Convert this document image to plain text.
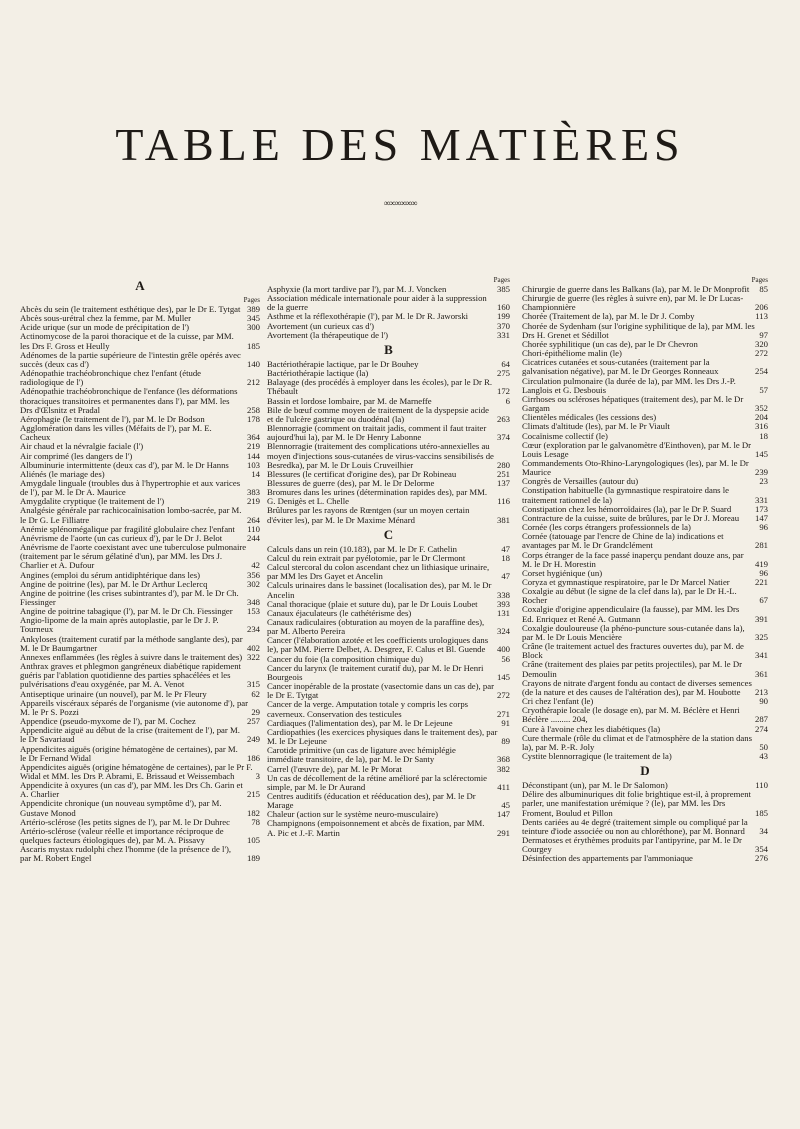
TABLE DES MATIÈRES
∞∞∞∞∞∞
A
Pages
Abcès du sein (le traitement esthétique des), par le Dr E. Tytgat 389
Abcès sous-urétral chez la femme, par M. Muller	345
Acide urique (sur un mode de précipitation de l')	300
Actinomycose de la paroi thoracique et de la cuisse, par MM. les Drs F. Gross et Heully	185
Adénomes de la partie supérieure de l'intestin grêle opérés avec succès (deux cas d')	140
Adénopathie trachéobronchique chez l'enfant (étude radiologique de l')	212
Adénopathie trachéobronchique de l'enfance (les déformations thoraciques transitoires et permanentes dans l'), par MM. les Drs d'Œlsnitz et Pradal	258
Aérophagie (le traitement de l'), par M. le Dr Bodson	178
Agglomération dans les villes (Méfaits de l'), par M. E. Cacheux	364
Air chaud et la névralgie faciale (l')	219
Air comprimé (les dangers de l')	144
Albuminurie intermittente (deux cas d'), par M. le Dr Hanns	103
Aliénés (le mariage des)	14
Amygdale linguale (troubles dus à l'hypertrophie et aux varices de l'), par M. le Dr A. Maurice	383
Amygdalite cryptique (le traitement de l')	219
Analgésie générale par rachicocaïnisation lombo-sacrée, par M. le Dr G. Le Filliatre	264
Anémie splénomégalique par fragilité globulaire chez l'enfant	110
Anévrisme de l'aorte (un cas curieux d'), par le Dr J. Belot	244
Anévrisme de l'aorte coexistant avec une tuberculose pulmonaire (traitement par le sérum gélatiné d'un), par MM. les Drs J. Charlier et A. Dufour	42
Angines (emploi du sérum antidiphtérique dans les)	356
Angine de poitrine (les), par M. le Dr Arthur Leclercq	302
Angine de poitrine (les crises subintrantes d'), par M. le Dr Ch. Fiessinger	348
Angine de poitrine tabagique (l'), par M. le Dr Ch. Fiessinger	153
Angio-lipome de la main après autoplastie, par le Dr J. P. Tourneux	234
Ankyloses (traitement curatif par la méthode sanglante des), par M. le Dr Baumgartner	402
Annexes enflammées (les règles à suivre dans le traitement des) 322
Anthrax graves et phlegmon gangréneux diabétique rapidement guéris par l'ablation quotidienne des parties sphacélées et les pulvérisations d'eau oxygénée, par M. A. Venot	315
Antiseptique urinaire (un nouvel), par M. le Pr Fleury	62
Appareils viscéraux séparés de l'organisme (vie autonome d'), par M. le Pr S. Pozzi	29
Appendice (pseudo-myxome de l'), par M. Cochez	257
Appendicite aiguë au début de la crise (traitement de l'), par M. le Dr Savariaud	249
Appendicites aiguës (origine hématogène de certaines), par M. le Dr Fernand Widal	186
Appendicites aiguës (origine hématogène de certaines), par le Pr F. Widal et MM. les Drs P. Abrami, E. Brissaud et Weissembach	3
Appendicite à oxyures (un cas d'), par MM. les Drs Ch. Garin et A. Charlier	215
Appendicite chronique (un nouveau symptôme d'), par M. Gustave Monod	182
Artério-sclérose (les petits signes de l'), par M. le Dr Duhrec	78
Artério-sclérose (valeur réelle et importance réciproque de quelques facteurs étiologiques de), par M. A. Pissavy	105
Ascaris mystax rudolphi chez l'homme (de la présence de l'), par M. Robert Engel	189
Pages
Asphyxie (la mort tardive par l'), par M. J. Voncken	385
Association médicale internationale pour aider à la suppression de la guerre	160
Asthme et la réflexothérapie (l'), par M. le Dr R. Jaworski	199
Avortement (un curieux cas d')	370
Avortement (la thérapeutique de l')	331
B
Bactériothérapie lactique, par le Dr Bouhey	64
Bactériothérapie lactique (la)	275
Balayage (des procédés à employer dans les écoles), par le Dr R. Thébault	172
Bassin et lordose lombaire, par M. de Marneffe	6
Bile de bœuf comme moyen de traitement de la dyspepsie acide et de l'ulcère gastrique ou duodénal (la)	263
Blennorragie (comment on traitait jadis, comment il faut traiter aujourd'hui la), par M. le Dr Henry Labonne	374
Blennorragie (traitement des complications utéro-annexielles au moyen d'injections sous-cutanées de virus-vaccins sensibilisés de Besredka), par M. le Dr Louis Cruveilhier	280
Blessures (le certificat d'origine des), par Dr Robineau	251
Blessures de guerre (des), par M. le Dr Delorme	137
Bromures dans les urines (détermination rapides des), par MM. G. Denigès et L. Chelle	116
Brûlures par les rayons de Rœntgen (sur un moyen certain d'éviter les), par M. le Dr Maxime Ménard	381
C
Calculs dans un rein (10.183), par M. le Dr F. Cathelin	47
Calcul du rein extrait par pyélotomie, par le Dr Clermont	18
Calcul stercoral du colon ascendant chez un lithiasique urinaire, par MM les Drs Gayet et Ancelin	47
Calculs urinaires dans le bassinet (localisation des), par M. le Dr Ancelin	338
Canal thoracique (plaie et suture du), par le Dr Louis Loubet	393
Canaux éjaculateurs (le cathétérisme des)	131
Canaux radiculaires (obturation au moyen de la paraffine des), par M. Alberto Pereira	324
Cancer (l'élaboration azotée et les coefficients urologiques dans le), par MM. Pierre Delbet, A. Desgrez, F. Calus et Bl. Guende	400
Cancer du foie (la composition chimique du)	56
Cancer du larynx (le traitement curatif du), par M. le Dr Henri Bourgeois	145
Cancer inopérable de la prostate (vasectomie dans un cas de), par le Dr E. Tytgat	272
Cancer de la verge. Amputation totale y compris les corps caverneux. Conservation des testicules	271
Cardiaques (l'alimentation des), par M. le Dr Lejeune	91
Cardiopathies (les exercices physiques dans le traitement des), par M. le Dr Lejeune	89
Carotide primitive (un cas de ligature avec hémiplégie immédiate transitoire, de la), par M. le Dr Santy	368
Carrel (l'œuvre de), par M. le Pr Morat	382
Un cas de décollement de la rétine amélioré par la sclérectomie simple, par M. le Dr Aurand	411
Centres auditifs (éducation et rééducation des), par M. le Dr Marage	45
Chaleur (action sur le système neuro-musculaire)	147
Champignons (empoisonnement et abcès de fixation, par MM. A. Pic et J.-F. Martin	291
Pages
Chirurgie de guerre dans les Balkans (la), par M. le Dr Monprofit	85
Chirurgie de guerre (les règles à suivre en), par M. le Dr Lucas-Championnière	206
Chorée (Traitement de la), par M. le Dr J. Comby	113
Chorée de Sydenham (sur l'origine syphilitique de la), par MM. les Drs H. Grenet et Sédillot	97
Chorée syphilitique (un cas de), par le Dr Chevron	320
Chori-épithéliome malin (le)	272
Cicatrices cutanées et sous-cutanées (traitement par la galvanisation négative), par M. le Dr Georges Ronneaux	254
Circulation pulmonaire (la durée de la), par MM. les Drs J.-P. Langlois et G. Desbouis	57
Cirrhoses ou scléroses hépatiques (traitement des), par M. le Dr Gargam	352
Clientèles médicales (les cessions des)	204
Climats d'altitude (les), par M. le Pr Viault	316
Cocaïnisme collectif (le)	18
Cœur (exploration par le galvanomètre d'Einthoven), par M. le Dr Louis Lesage	145
Commandements Oto-Rhino-Laryngologiques (les), par M. le Dr Maurice	239
Congrès de Versailles (autour du)	23
Constipation habituelle (la gymnastique respiratoire dans le traitement rationnel de la)	331
Constipation chez les hémorroïdaires (la), par le Dr P. Suard	173
Contracture de la cuisse, suite de brûlures, par le Dr J. Moreau	147
Cornée (les corps étrangers professionnels de la)	96
Cornée (tatouage par l'encre de Chine de la) indications et avantages par M. le Dr Grandclément	281
Corps étranger de la face passé inaperçu pendant douze ans, par M. le Dr H. Morestin	419
Corset hygiénique (un)	96
Coryza et gymnastique respiratoire, par le Dr Marcel Natier	221
Coxalgie au début (le signe de la clef dans la), par le Dr H.-L. Rocher	67
Coxalgie d'origine appendiculaire (la fausse), par MM. les Drs Ed. Enriquez et René A. Gutmann	391
Coxalgie douloureuse (la phéno-puncture sous-cutanée dans la), par M. le Dr Louis Mencière	325
Crâne (le traitement actuel des fractures ouvertes du), par M. de Block	341
Crâne (traitement des plaies par petits projectiles), par M. le Dr Demoulin	361
Crayons de nitrate d'argent fondu au contact de diverses semences (de la nature et des causes de l'altération des), par M. Houbotte	213
Cri chez l'enfant (le)	90
Cryothérapie locale (le dosage en), par M. M. Béclère et Henri Béclère ......... 204,	287
Cure à l'avoine chez les diabétiques (la)	274
Cure thermale (rôle du climat et de l'atmosphère de la station dans la), par M. P.-R. Joly	50
Cystite blennorragique (le traitement de la)	43
D
Déconstipant (un), par M. le Dr Salomon)	110
Délire des albuminuriques dit folie brightique est-il, à proprement parler, une manifestation urémique ? (le), par MM. les Drs Froment, Boulud et Pillon	185
Dents cariées au 4e degré (traitement simple ou compliqué par la teinture d'iode associée ou non au chloréthone), par M. Bonnard	34
Dermatoses et érythèmes produits par l'antipyrine, par M. le Dr Courgey	354
Désinfection des appartements par l'ammoniaque	276
